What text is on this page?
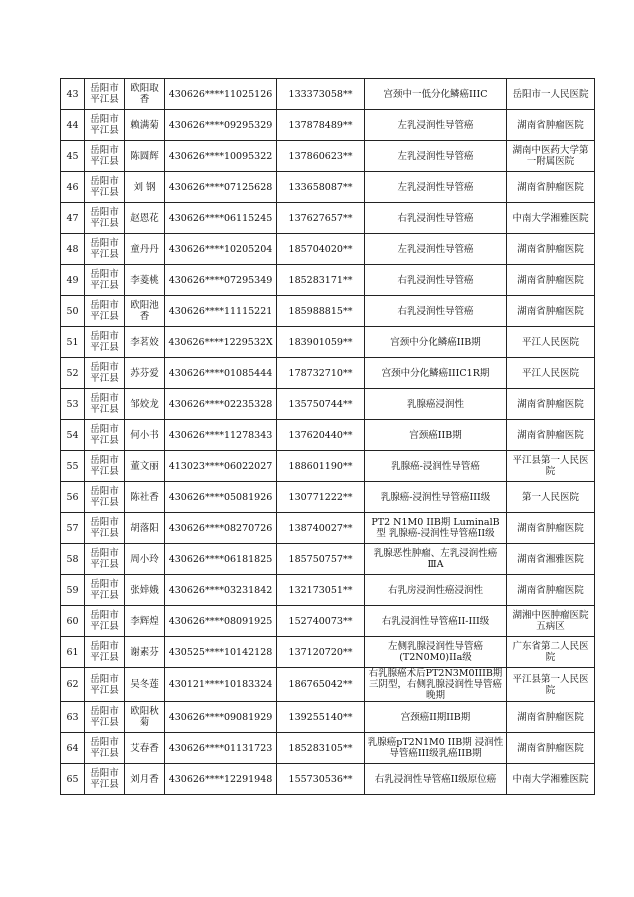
43	岳阳市平江县	欧阳取香	430626****11025126	133373058**	宫颈中一低分化鳞癌IIIC	岳阳市一人民医院
44	岳阳市平江县	赖满菊	430626****09295329	137878489**	左乳浸润性导管癌	湖南省肿瘤医院
45	岳阳市平江县	陈圆辉	430626****10095322	137860623**	左乳浸润性导管癌	湖南中医药大学第一附属医院
46	岳阳市平江县	刘 钢	430626****07125628	133658087**	左乳浸润性导管癌	湖南省肿瘤医院
47	岳阳市平江县	赵恩花	430626****06115245	137627657**	右乳浸润性导管癌	中南大学湘雅医院
48	岳阳市平江县	童丹丹	430626****10205204	185704020**	左乳浸润性导管癌	湖南省肿瘤医院
49	岳阳市平江县	李菱桃	430626****07295349	185283171**	右乳浸润性导管癌	湖南省肿瘤医院
50	岳阳市平江县	欧阳池香	430626****11115221	185988815**	右乳浸润性导管癌	湖南省肿瘤医院
51	岳阳市平江县	李茗姣	430626****1229532X	183901059**	宫颈中分化鳞癌IIB期	平江人民医院
52	岳阳市平江县	苏芬爱	430626****01085444	178732710**	宫颈中分化鳞癌IIIC1R期	平江人民医院
53	岳阳市平江县	邹姣龙	430626****02235328	135750744**	乳腺癌浸润性	湖南省肿瘤医院
54	岳阳市平江县	何小书	430626****11278343	137620440**	宫颈癌IIB期	湖南省肿瘤医院
55	岳阳市平江县	董文丽	413023****06022027	188601190**	乳腺癌-浸润性导管癌	平江县第一人民医院
56	岳阳市平江县	陈社香	430626****05081926	130771222**	乳腺癌-浸润性导管癌III级	第一人民医院
57	岳阳市平江县	胡落阳	430626****08270726	138740027**	PT2 N1M0 IIB期 LuminalB型 乳腺癌-浸润性导管癌II级	湖南省肿瘤医院
58	岳阳市平江县	周小玲	430626****06181825	185750757**	乳腺恶性肿瘤、左乳浸润性癌ⅢA	湖南省湘雅医院
59	岳阳市平江县	张婞娥	430626****03231842	132173051**	右乳房浸润性癌浸润性	湖南省肿瘤医院
60	岳阳市平江县	李辉煌	430626****08091925	152740073**	右乳浸润性导管癌II-III级	湖湘中医肿瘤医院五病区
61	岳阳市平江县	谢素芬	430525****10142128	137120720**	左侧乳腺浸润性导管癌(T2N0M0)IIa级	广东省第二人民医院
62	岳阳市平江县	吴冬莲	430121****10183324	186765042**	右乳腺癌术后PT2N3M0IIIB期三阴型，右侧乳腺浸润性导管癌晚期	平江县第一人民医院
63	岳阳市平江县	欧阳秋菊	430626****09081929	139255140**	宫颈癌II期IIB期	湖南省肿瘤医院
64	岳阳市平江县	艾春香	430626****01131723	185283105**	乳腺癌pT2N1M0 IIB期 浸润性导管癌III级乳癌IIB期	湖南省肿瘤医院
65	岳阳市平江县	刘月香	430626****12291948	155730536**	右乳浸润性导管癌II级原位癌	中南大学湘雅医院
